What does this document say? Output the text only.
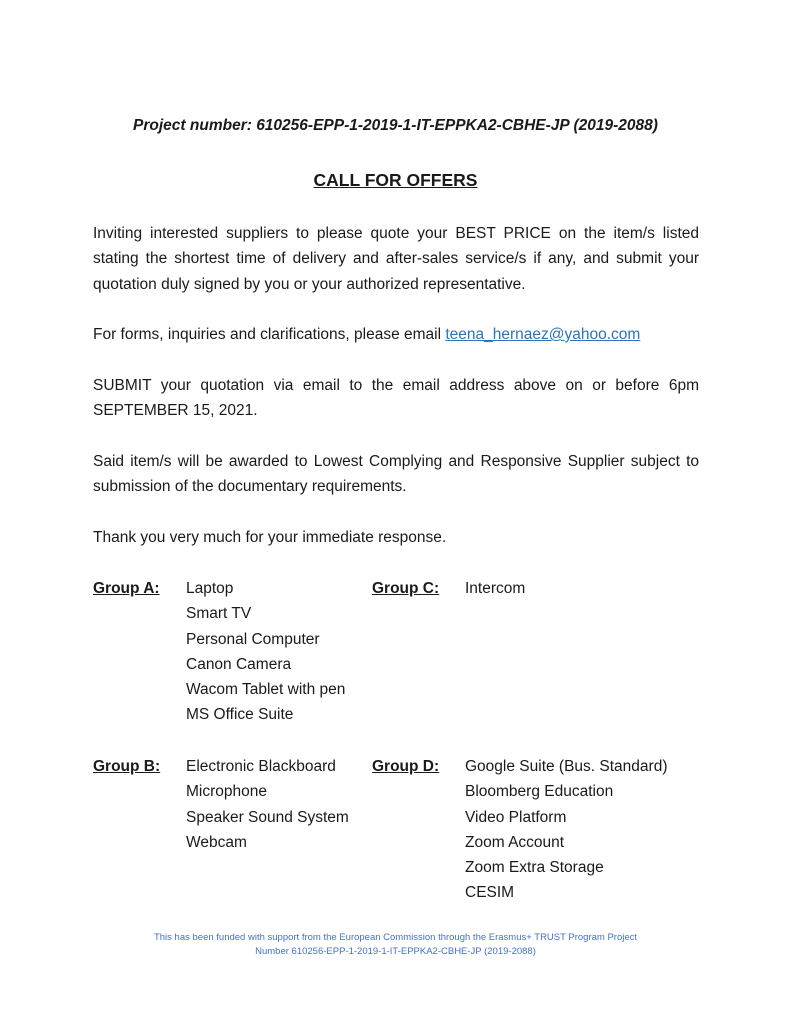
Project number: 610256-EPP-1-2019-1-IT-EPPKA2-CBHE-JP (2019-2088)
CALL FOR OFFERS
Inviting interested suppliers to please quote your BEST PRICE on the item/s listed stating the shortest time of delivery and after-sales service/s if any, and submit your quotation duly signed by you or your authorized representative.
For forms, inquiries and clarifications, please email teena_hernaez@yahoo.com
SUBMIT your quotation via email to the email address above on or before 6pm SEPTEMBER 15, 2021.
Said item/s will be awarded to Lowest Complying and Responsive Supplier subject to submission of the documentary requirements.
Thank you very much for your immediate response.
Group A: Laptop
Smart TV
Personal Computer
Canon Camera
Wacom Tablet with pen
MS Office Suite
Group C: Intercom
Group B: Electronic Blackboard
Microphone
Speaker Sound System
Webcam
Group D: Google Suite (Bus. Standard)
Bloomberg Education
Video Platform
Zoom Account
Zoom Extra Storage
CESIM
This has been funded with support from the European Commission through the Erasmus+ TRUST Program Project
Number 610256-EPP-1-2019-1-IT-EPPKA2-CBHE-JP (2019-2088)
